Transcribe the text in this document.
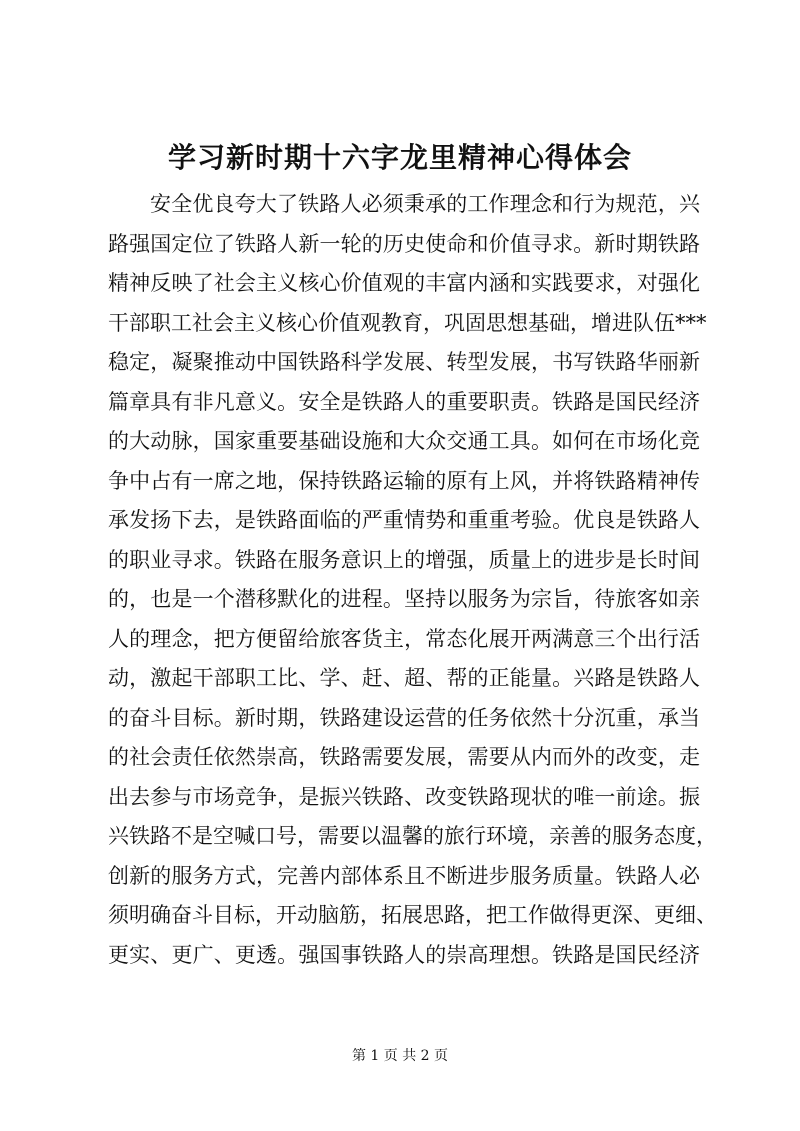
学习新时期十六字龙里精神心得体会
安全优良夸大了铁路人必须秉承的工作理念和行为规范，兴
路强国定位了铁路人新一轮的历史使命和价值寻求。新时期铁路
精神反映了社会主义核心价值观的丰富内涵和实践要求，对强化
干部职工社会主义核心价值观教育，巩固思想基础，增进队伍***
稳定，凝聚推动中国铁路科学发展、转型发展，书写铁路华丽新
篇章具有非凡意义。安全是铁路人的重要职责。铁路是国民经济
的大动脉，国家重要基础设施和大众交通工具。如何在市场化竞
争中占有一席之地，保持铁路运输的原有上风，并将铁路精神传
承发扬下去，是铁路面临的严重情势和重重考验。优良是铁路人
的职业寻求。铁路在服务意识上的增强，质量上的进步是长时间
的，也是一个潜移默化的进程。坚持以服务为宗旨，待旅客如亲
人的理念，把方便留给旅客货主，常态化展开两满意三个出行活
动，激起干部职工比、学、赶、超、帮的正能量。兴路是铁路人
的奋斗目标。新时期，铁路建设运营的任务依然十分沉重，承当
的社会责任依然崇高，铁路需要发展，需要从内而外的改变，走
出去参与市场竞争，是振兴铁路、改变铁路现状的唯一前途。振
兴铁路不是空喊口号，需要以温馨的旅行环境，亲善的服务态度，
创新的服务方式，完善内部体系且不断进步服务质量。铁路人必
须明确奋斗目标，开动脑筋，拓展思路，把工作做得更深、更细、
更实、更广、更透。强国事铁路人的崇高理想。铁路是国民经济
第 1 页 共 2 页
